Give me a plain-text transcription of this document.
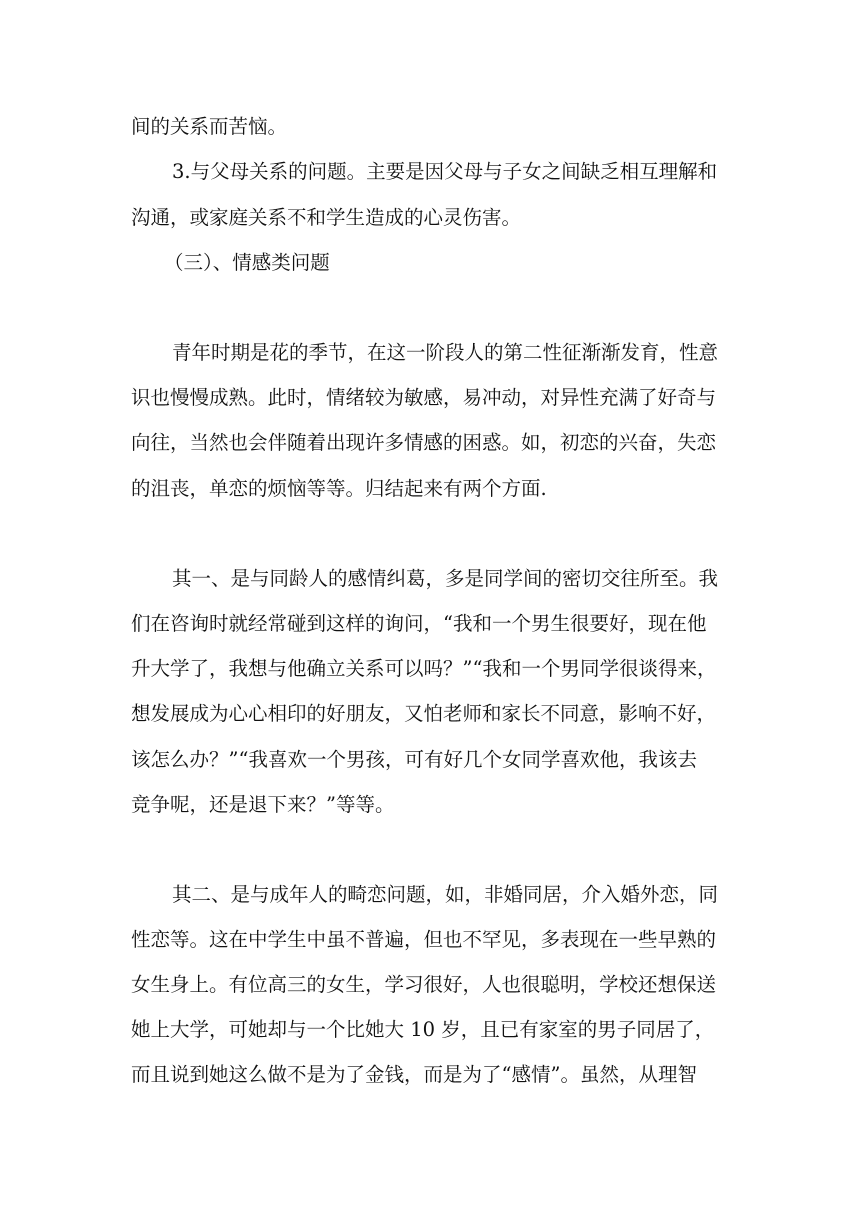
间的关系而苦恼。
3.与父母关系的问题。主要是因父母与子女之间缺乏相互理解和
沟通，或家庭关系不和学生造成的心灵伤害。
（三）、情感类问题
青年时期是花的季节，在这一阶段人的第二性征渐渐发育，性意
识也慢慢成熟。此时，情绪较为敏感，易冲动，对异性充满了好奇与
向往，当然也会伴随着出现许多情感的困惑。如，初恋的兴奋，失恋
的沮丧，单恋的烦恼等等。归结起来有两个方面.
其一、是与同龄人的感情纠葛，多是同学间的密切交往所至。我
们在咨询时就经常碰到这样的询问，“我和一个男生很要好，现在他
升大学了，我想与他确立关系可以吗？”“我和一个男同学很谈得来，
想发展成为心心相印的好朋友，又怕老师和家长不同意，影响不好，
该怎么办？”“我喜欢一个男孩，可有好几个女同学喜欢他，我该去
竞争呢，还是退下来？”等等。
其二、是与成年人的畸恋问题，如，非婚同居，介入婚外恋，同
性恋等。这在中学生中虽不普遍，但也不罕见，多表现在一些早熟的
女生身上。有位高三的女生，学习很好，人也很聪明，学校还想保送
她上大学，可她却与一个比她大 10 岁，且已有家室的男子同居了，
而且说到她这么做不是为了金钱，而是为了“感情”。虽然，从理智
